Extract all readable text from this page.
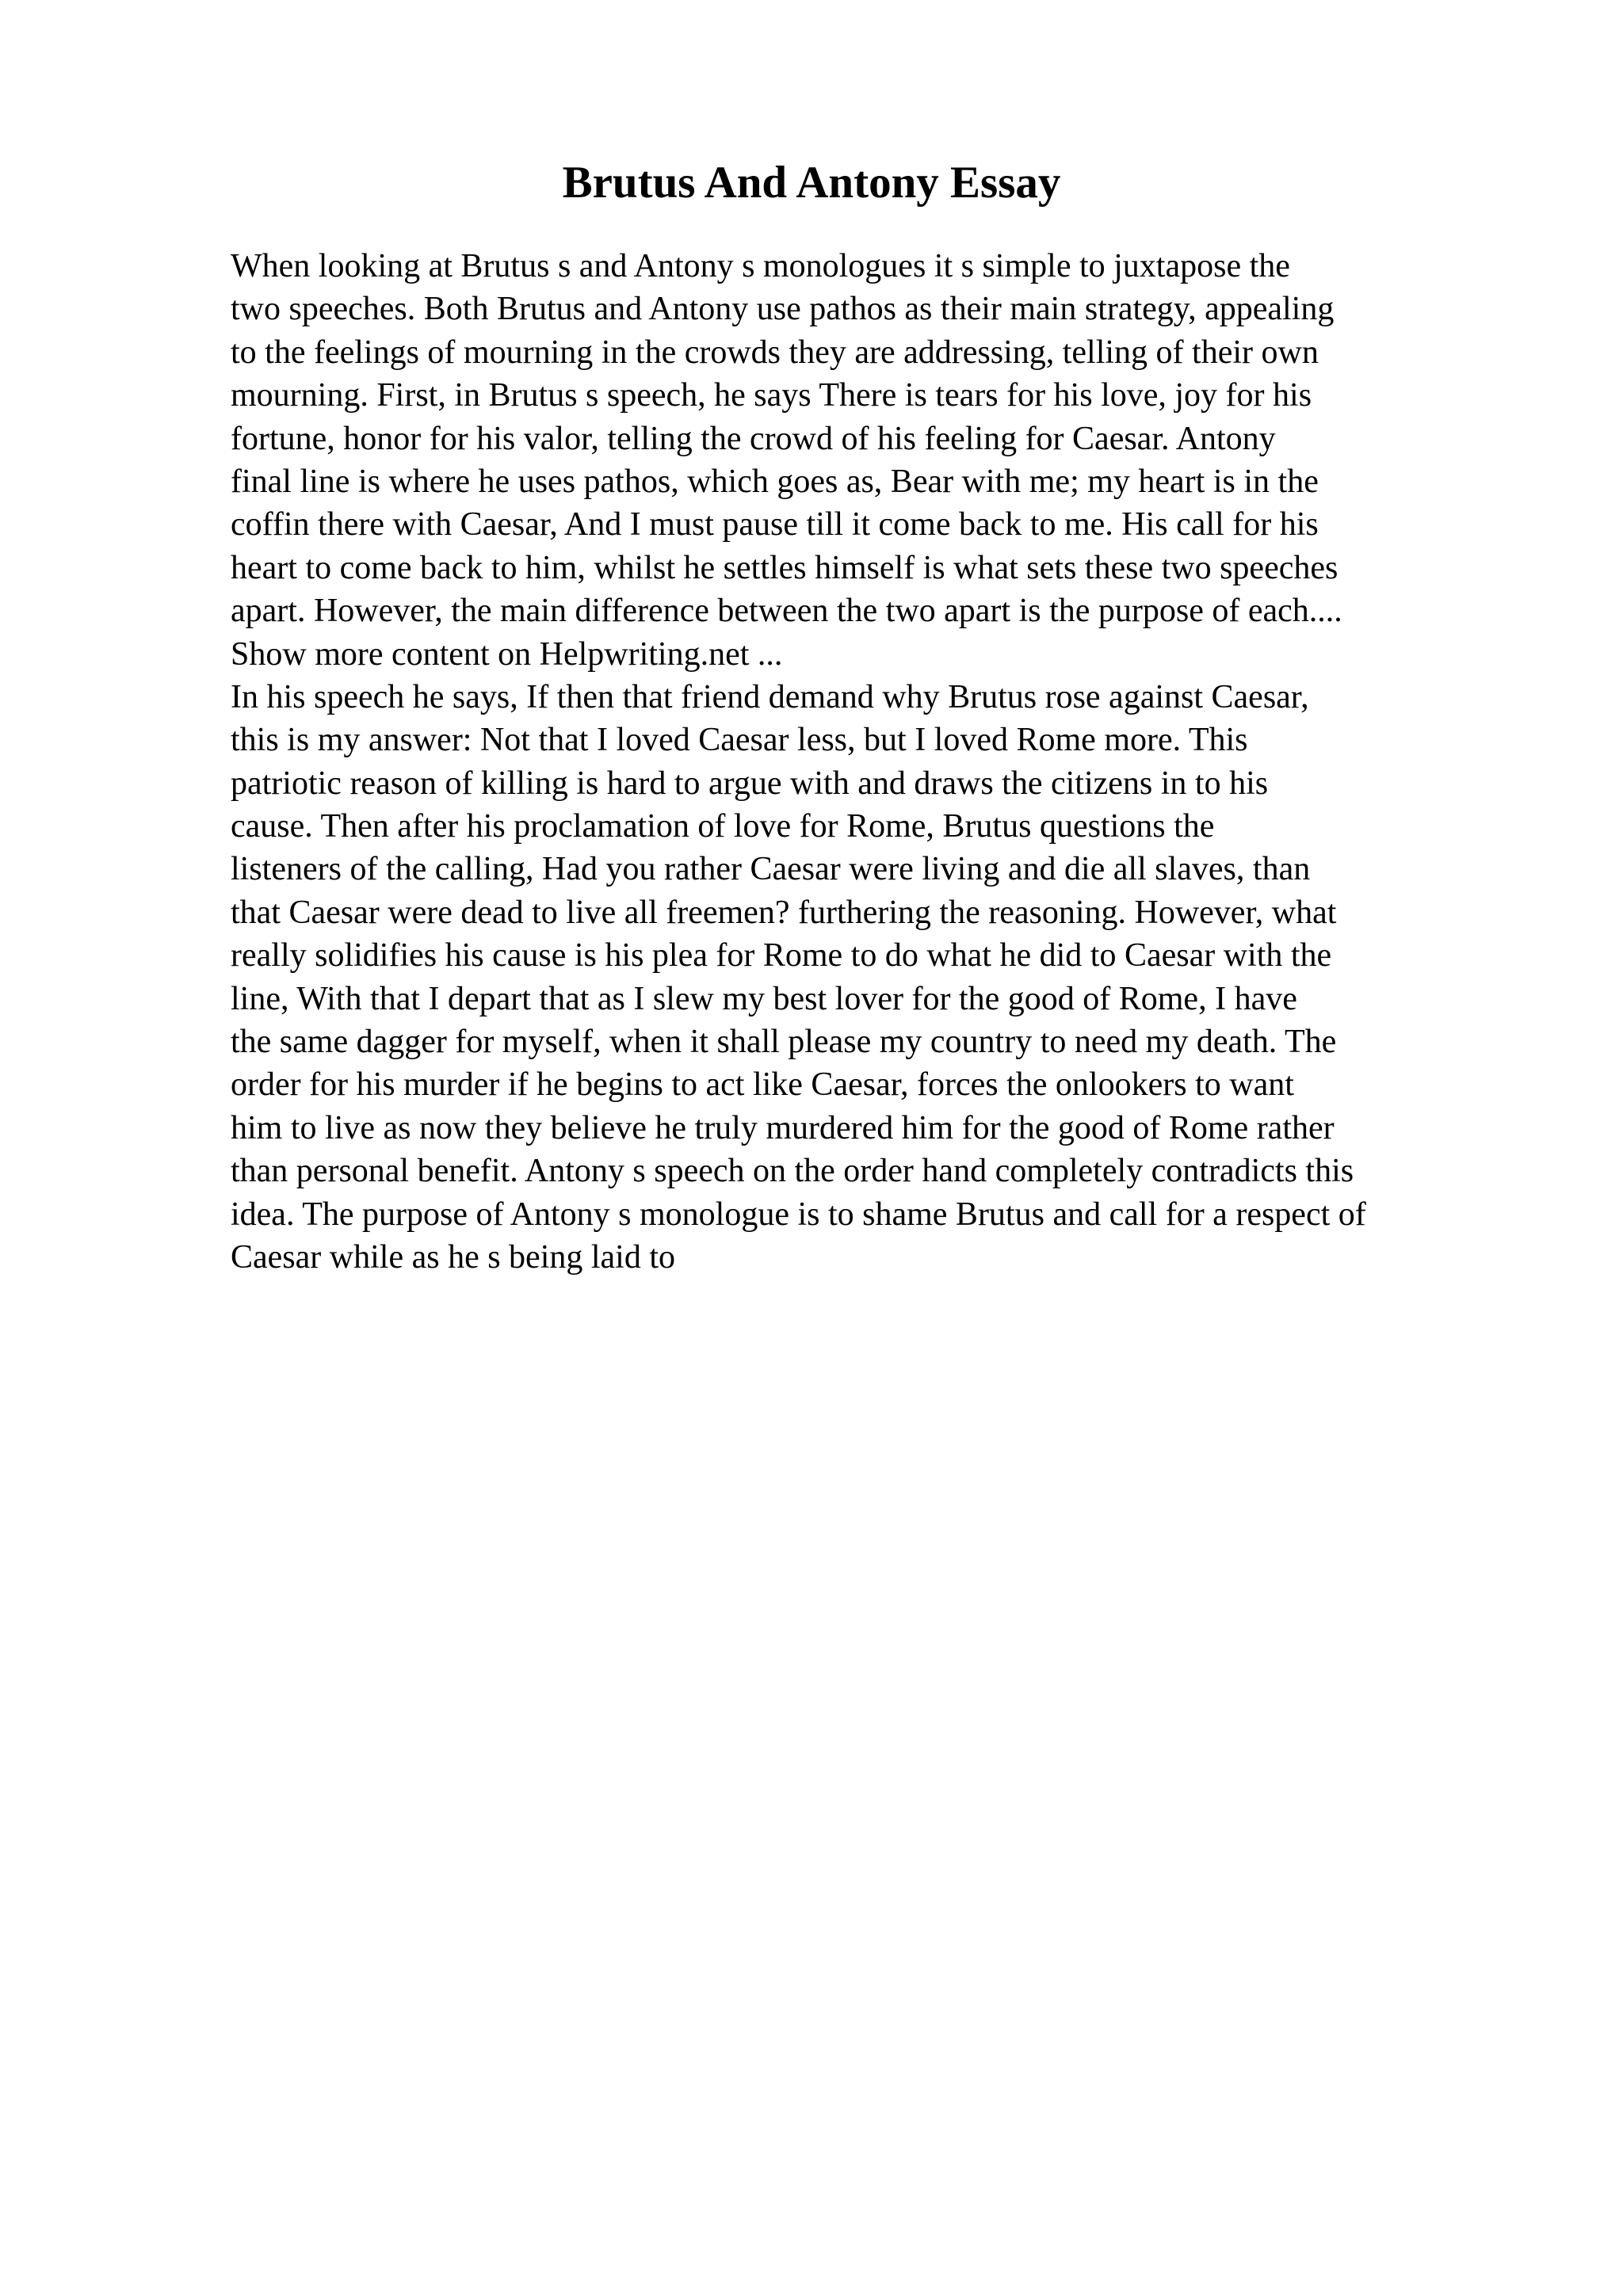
Brutus And Antony Essay
When looking at Brutus s and Antony s monologues it s simple to juxtapose the
two speeches. Both Brutus and Antony use pathos as their main strategy, appealing
to the feelings of mourning in the crowds they are addressing, telling of their own
mourning. First, in Brutus s speech, he says There is tears for his love, joy for his
fortune, honor for his valor, telling the crowd of his feeling for Caesar. Antony
final line is where he uses pathos, which goes as, Bear with me; my heart is in the
coffin there with Caesar, And I must pause till it come back to me. His call for his
heart to come back to him, whilst he settles himself is what sets these two speeches
apart. However, the main difference between the two apart is the purpose of each....
Show more content on Helpwriting.net ...
In his speech he says, If then that friend demand why Brutus rose against Caesar,
this is my answer: Not that I loved Caesar less, but I loved Rome more. This
patriotic reason of killing is hard to argue with and draws the citizens in to his
cause. Then after his proclamation of love for Rome, Brutus questions the
listeners of the calling, Had you rather Caesar were living and die all slaves, than
that Caesar were dead to live all freemen? furthering the reasoning. However, what
really solidifies his cause is his plea for Rome to do what he did to Caesar with the
line, With that I depart that as I slew my best lover for the good of Rome, I have
the same dagger for myself, when it shall please my country to need my death. The
order for his murder if he begins to act like Caesar, forces the onlookers to want
him to live as now they believe he truly murdered him for the good of Rome rather
than personal benefit. Antony s speech on the order hand completely contradicts this
idea. The purpose of Antony s monologue is to shame Brutus and call for a respect of
Caesar while as he s being laid to
